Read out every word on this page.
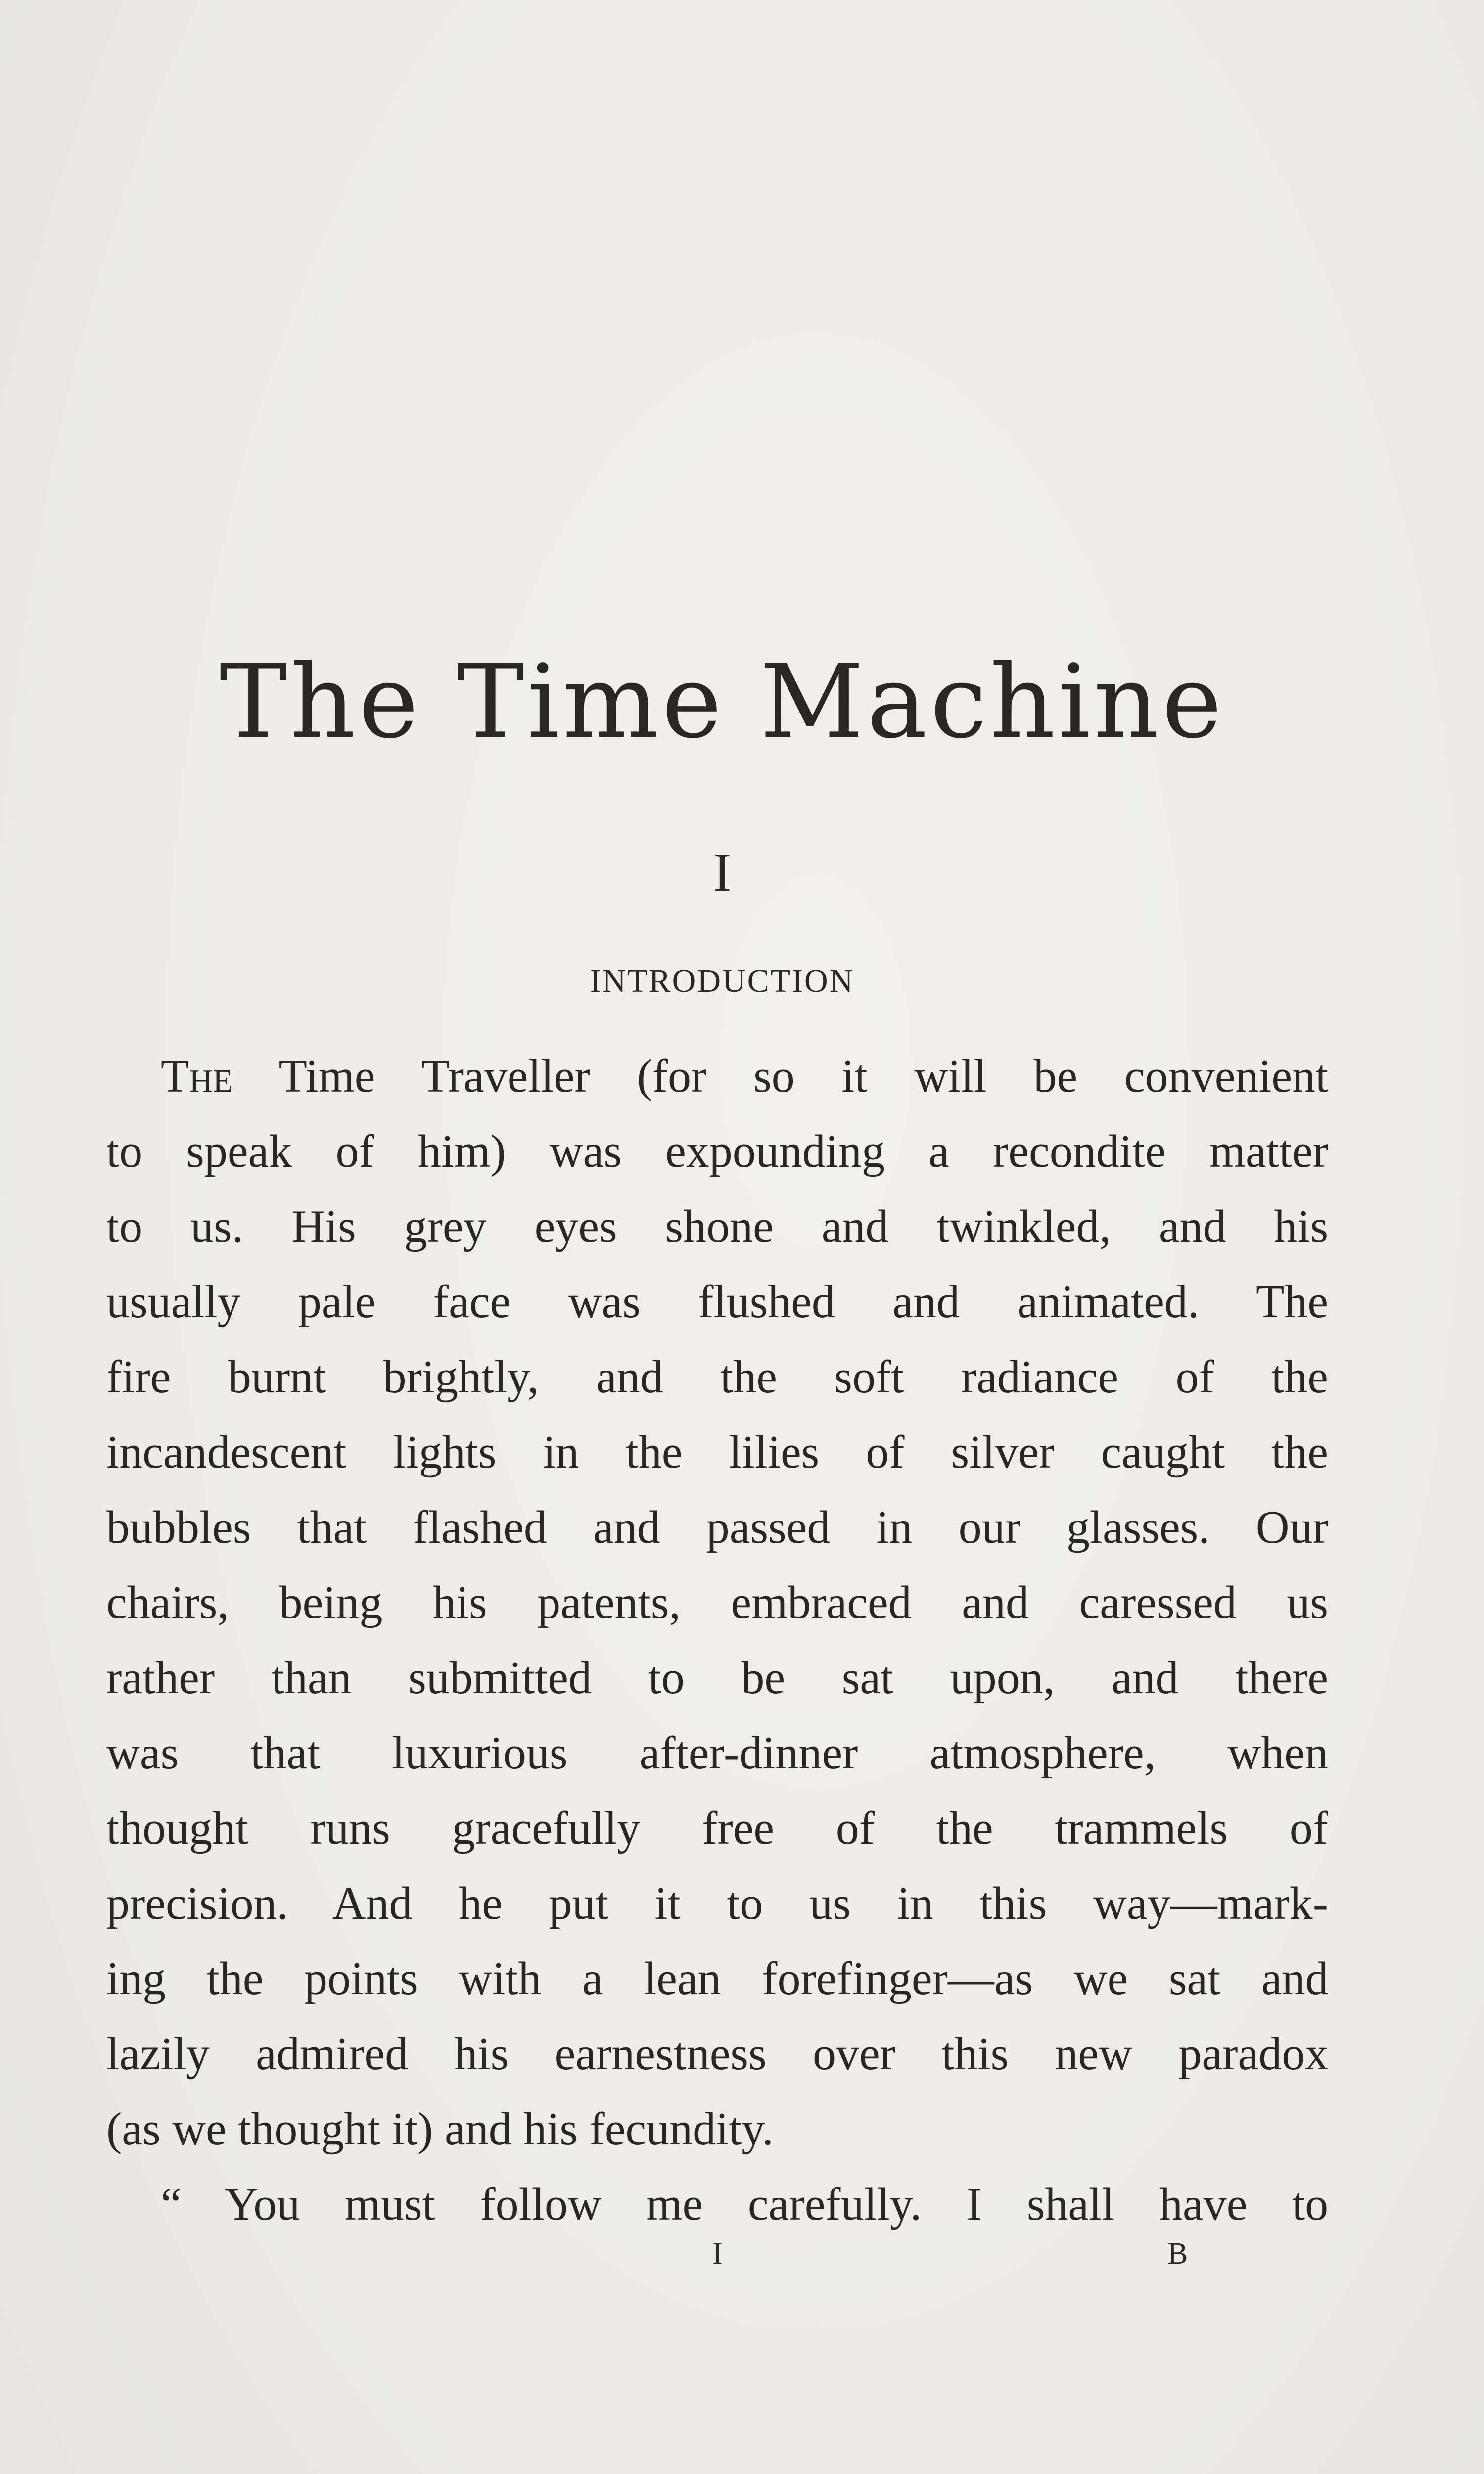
The Time Machine
I
INTRODUCTION
The Time Traveller (for so it will be convenient
to speak of him) was expounding a recondite matter
to us. His grey eyes shone and twinkled, and his
usually pale face was flushed and animated. The
fire burnt brightly, and the soft radiance of the
incandescent lights in the lilies of silver caught the
bubbles that flashed and passed in our glasses. Our
chairs, being his patents, embraced and caressed us
rather than submitted to be sat upon, and there
was that luxurious after-dinner atmosphere, when
thought runs gracefully free of the trammels of
precision. And he put it to us in this way—mark-
ing the points with a lean forefinger—as we sat and
lazily admired his earnestness over this new paradox
(as we thought it) and his fecundity.
“ You must follow me carefully. I shall have to
I	B
